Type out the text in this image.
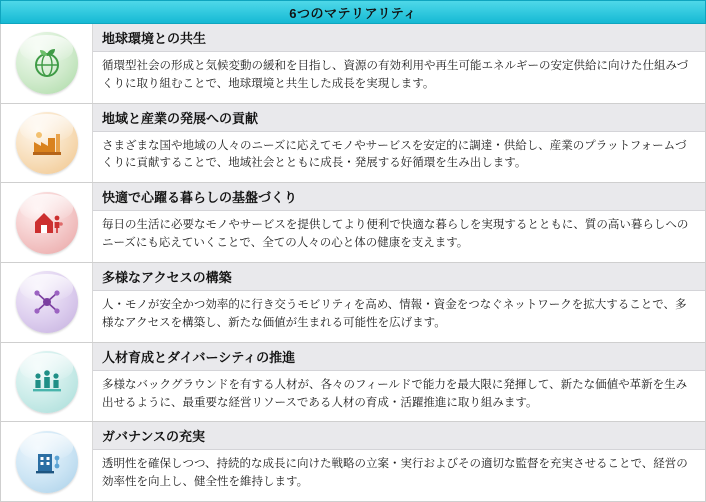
6つのマテリアリティ
地球環境との共生
循環型社会の形成と気候変動の緩和を目指し、資源の有効利用や再生可能エネルギーの安定供給に向けた仕組みづくりに取り組むことで、地球環境と共生した成長を実現します。
地域と産業の発展への貢献
さまざまな国や地域の人々のニーズに応えてモノやサービスを安定的に調達・供給し、産業のプラットフォームづくりに貢献することで、地域社会とともに成長・発展する好循環を生み出します。
快適で心躍る暮らしの基盤づくり
毎日の生活に必要なモノやサービスを提供してより便利で快適な暮らしを実現するとともに、質の高い暮らしへのニーズにも応えていくことで、全ての人々の心と体の健康を支えます。
多様なアクセスの構築
人・モノが安全かつ効率的に行き交うモビリティを高め、情報・資金をつなぐネットワークを拡大することで、多様なアクセスを構築し、新たな価値が生まれる可能性を広げます。
人材育成とダイバーシティの推進
多様なバックグラウンドを有する人材が、各々のフィールドで能力を最大限に発揮して、新たな価値や革新を生み出せるように、最重要な経営リソースである人材の育成・活躍推進に取り組みます。
ガバナンスの充実
透明性を確保しつつ、持続的な成長に向けた戦略の立案・実行およびその適切な監督を充実させることで、経営の効率性を向上し、健全性を維持します。
